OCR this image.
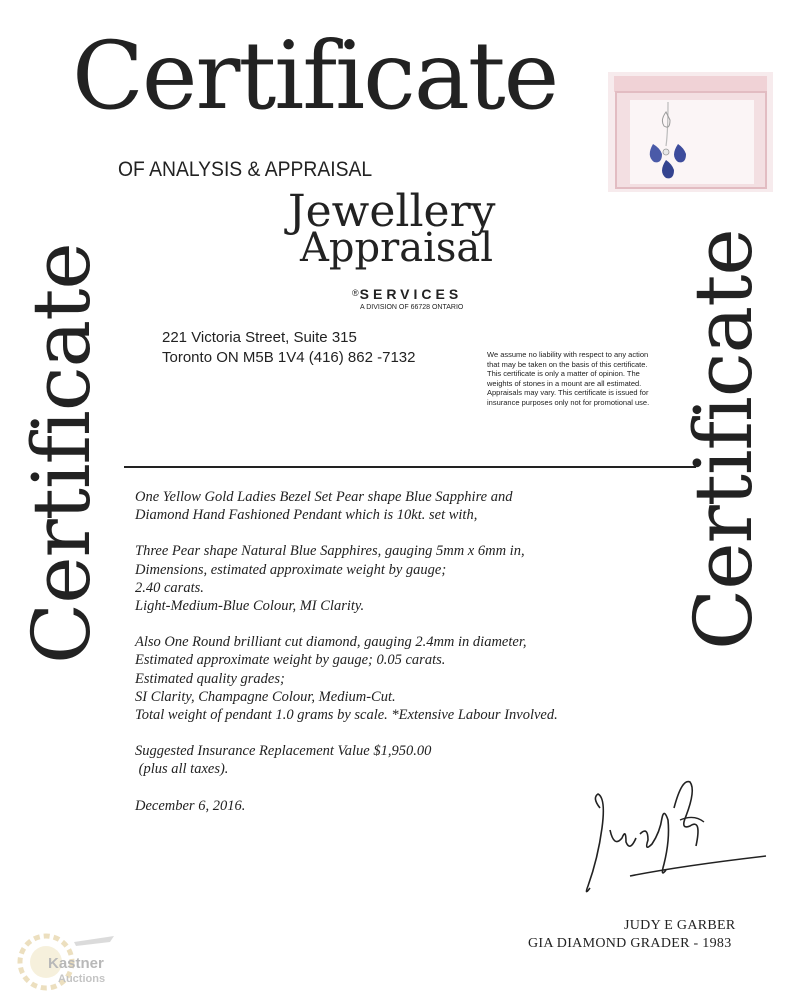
Certificate
OF ANALYSIS & APPRAISAL
Jewellery
Appraisal
®SERVICES
A DIVISION OF 66728 ONTARIO
221 Victoria Street, Suite 315
Toronto ON M5B 1V4 (416) 862 -7132	We assume no liability with respect to any action that may be taken on the basis of this certificate. This certificate is only a matter of opinion. The weights of stones in a mount are all estimated. Appraisals may vary. This certificate is issued for insurance purposes only not for promotional use.
Certificate	Certificate
One Yellow Gold Ladies Bezel Set Pear shape Blue Sapphire and
Diamond Hand Fashioned Pendant which is 10kt. set with,
Three Pear shape Natural Blue Sapphires, gauging 5mm x 6mm in,
Dimensions, estimated approximate weight by gauge;
2.40 carats.
Light-Medium-Blue Colour, MI Clarity.
Also One Round brilliant cut diamond, gauging 2.4mm in diameter,
Estimated approximate weight by gauge; 0.05 carats.
Estimated quality grades;
SI Clarity, Champagne Colour, Medium-Cut.
Total weight of pendant 1.0 grams by scale. *Extensive Labour Involved.
Suggested Insurance Replacement Value $1,950.00
(plus all taxes).
December 6, 2016.
JUDY E GARBER
GIA DIAMOND GRADER - 1983
Kastner
Auctions
